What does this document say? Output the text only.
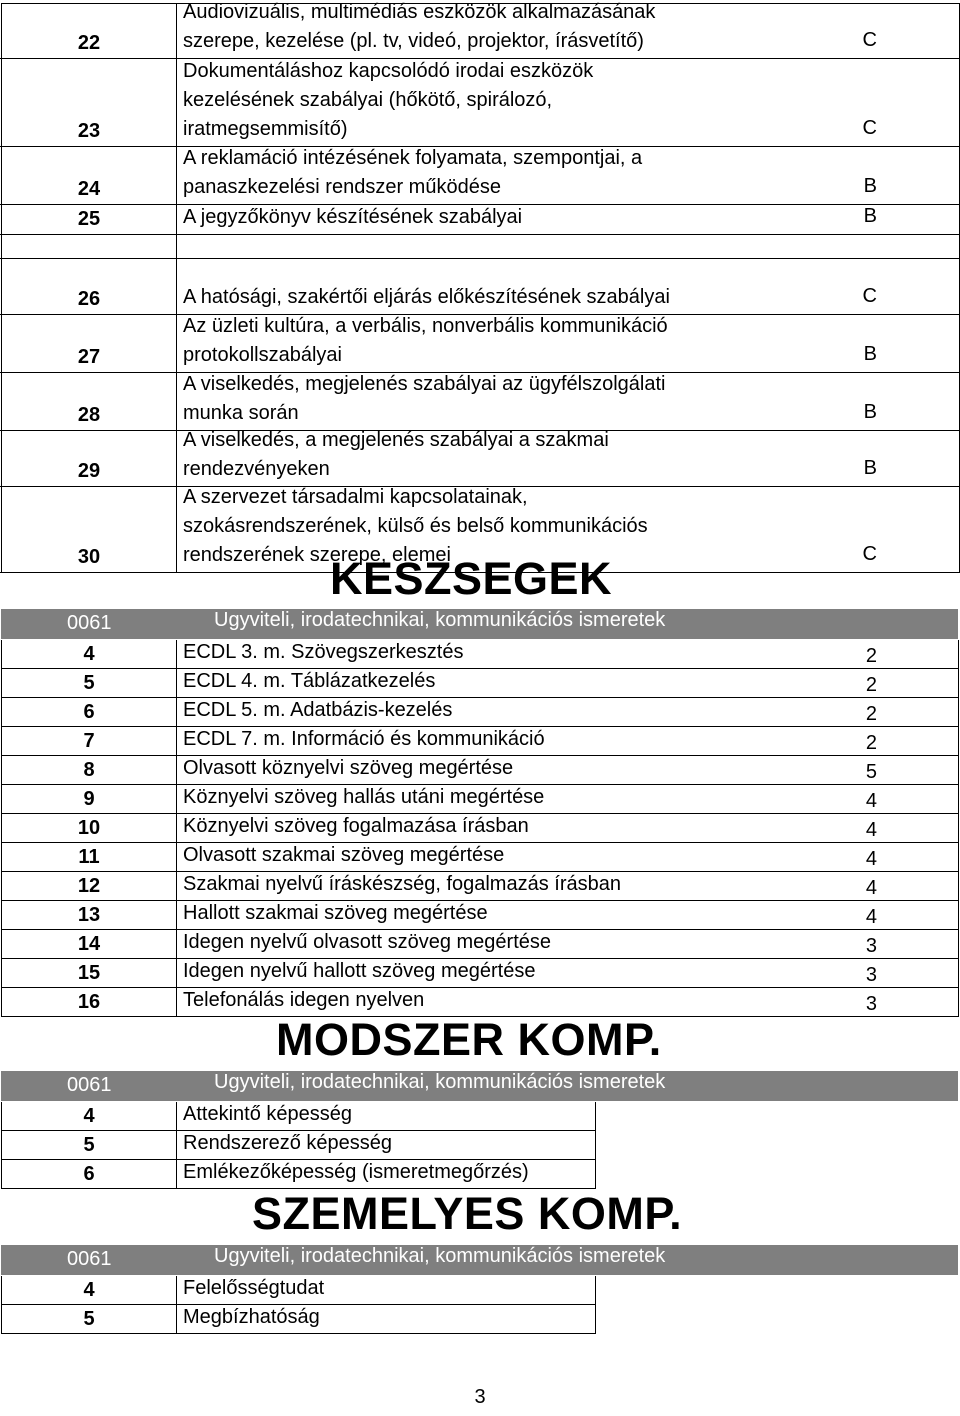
22
Audiovizuális, multimédiás eszközök alkalmazásának
szerepe, kezelése (pl. tv, videó, projektor, írásvetítő)	C
23
Dokumentáláshoz kapcsolódó irodai eszközök
kezelésének szabályai (hőkötő, spirálozó,
iratmegsemmisítő)	C
24
A reklamáció intézésének folyamata, szempontjai, a
panaszkezelési rendszer működése	B
25	A jegyzőkönyv készítésének szabályai	B
26	A hatósági, szakértői eljárás előkészítésének szabályai	C
27
Az üzleti kultúra, a verbális, nonverbális kommunikáció
protokollszabályai	B
28
A viselkedés, megjelenés szabályai az ügyfélszolgálati
munka során	B
29
A viselkedés, a megjelenés szabályai a szakmai
rendezvényeken	B
30
A szervezet társadalmi kapcsolatainak,
szokásrendszerének, külső és belső kommunikációs
rendszerének szerepe, elemei	C
KESZSEGEK
0061	Ugyviteli, irodatechnikai, kommunikációs ismeretek
4	ECDL 3. m. Szövegszerkesztés	2
5	ECDL 4. m. Táblázatkezelés	2
6	ECDL 5. m. Adatbázis-kezelés	2
7	ECDL 7. m. Információ és kommunikáció	2
8	Olvasott köznyelvi szöveg megértése	5
9	Köznyelvi szöveg hallás utáni megértése	4
10	Köznyelvi szöveg fogalmazása írásban	4
11	Olvasott szakmai szöveg megértése	4
12	Szakmai nyelvű íráskészség, fogalmazás írásban	4
13	Hallott szakmai szöveg megértése	4
14	Idegen nyelvű olvasott szöveg megértése	3
15	Idegen nyelvű hallott szöveg megértése	3
16	Telefonálás idegen nyelven	3
MODSZER KOMP.
0061	Ugyviteli, irodatechnikai, kommunikációs ismeretek
4	Attekintő képesség
5	Rendszerező képesség
6	Emlékezőképesség (ismeretmegőrzés)
SZEMELYES KOMP.
0061	Ugyviteli, irodatechnikai, kommunikációs ismeretek
4	Felelősségtudat
5	Megbízhatóság
3
